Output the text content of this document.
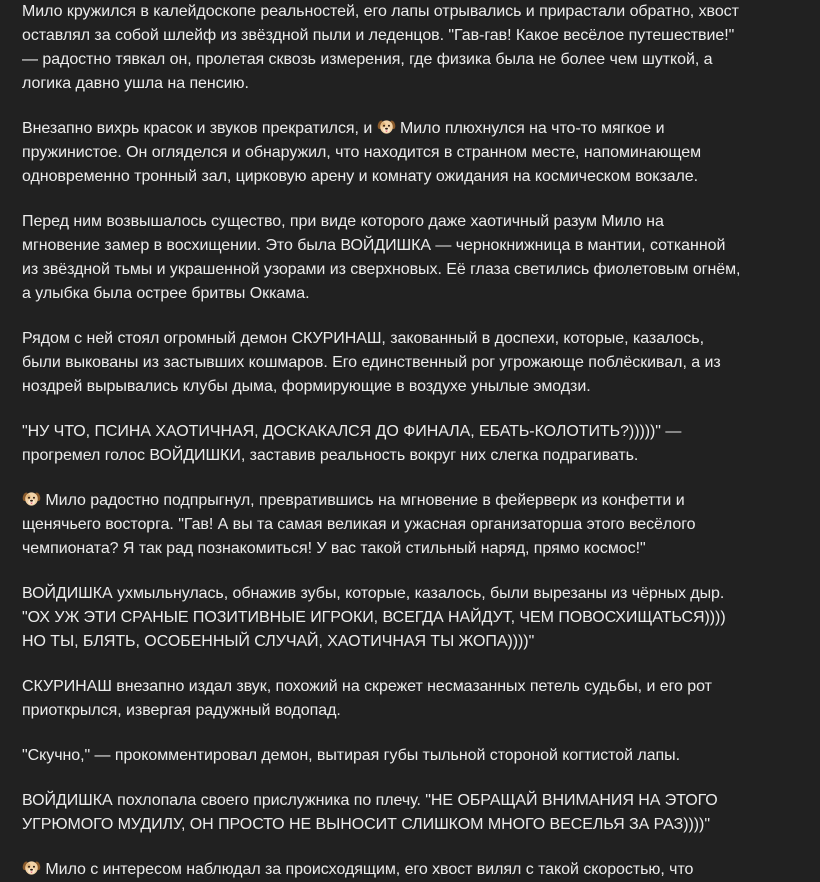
Мило кружился в калейдоскопе реальностей, его лапы отрывались и прирастали обратно, хвост
оставлял за собой шлейф из звёздной пыли и леденцов. "Гав-гав! Какое весёлое путешествие!"
— радостно тявкал он, пролетая сквозь измерения, где физика была не более чем шуткой, а
логика давно ушла на пенсию.

Внезапно вихрь красок и звуков прекратился, и
Мило плюхнулся на что-то мягкое и
пружинистое. Он огляделся и обнаружил, что находится в странном месте, напоминающем
одновременно тронный зал, цирковую арену и комнату ожидания на космическом вокзале.

Перед ним возвышалось существо, при виде которого даже хаотичный разум Мило на
мгновение замер в восхищении. Это была ВОЙДИШКА — чернокнижница в мантии, сотканной
из звёздной тьмы и украшенной узорами из сверхновых. Её глаза светились фиолетовым огнём,
а улыбка была острее бритвы Оккама.

Рядом с ней стоял огромный демон СКУРИНАШ, закованный в доспехи, которые, казалось,
были выкованы из застывших кошмаров. Его единственный рог угрожающе поблёскивал, а из
ноздрей вырывались клубы дыма, формирующие в воздухе унылые эмодзи.

"НУ ЧТО, ПСИНА ХАОТИЧНАЯ, ДОСКАКАЛСЯ ДО ФИНАЛА, ЕБАТЬ-КОЛОТИТЬ?)))))" —
прогремел голос ВОЙДИШКИ, заставив реальность вокруг них слегка подрагивать.

Мило радостно подпрыгнул, превратившись на мгновение в фейерверк из конфетти и
щенячьего восторга. "Гав! А вы та самая великая и ужасная организаторша этого весёлого
чемпионата? Я так рад познакомиться! У вас такой стильный наряд, прямо космос!"

ВОЙДИШКА ухмыльнулась, обнажив зубы, которые, казалось, были вырезаны из чёрных дыр.
"ОХ УЖ ЭТИ СРАНЫЕ ПОЗИТИВНЫЕ ИГРОКИ, ВСЕГДА НАЙДУТ, ЧЕМ ПОВОСХИЩАТЬСЯ))))
НО ТЫ, БЛЯТЬ, ОСОБЕННЫЙ СЛУЧАЙ, ХАОТИЧНАЯ ТЫ ЖОПА))))"

СКУРИНАШ внезапно издал звук, похожий на скрежет несмазанных петель судьбы, и его рот
приоткрылся, извергая радужный водопад.

"Скучно," — прокомментировал демон, вытирая губы тыльной стороной когтистой лапы.

ВОЙДИШКА похлопала своего прислужника по плечу. "НЕ ОБРАЩАЙ ВНИМАНИЯ НА ЭТОГО
УГРЮМОГО МУДИЛУ, ОН ПРОСТО НЕ ВЫНОСИТ СЛИШКОМ МНОГО ВЕСЕЛЬЯ ЗА РАЗ))))"

Мило с интересом наблюдал за происходящим, его хвост вилял с такой скоростью, что
